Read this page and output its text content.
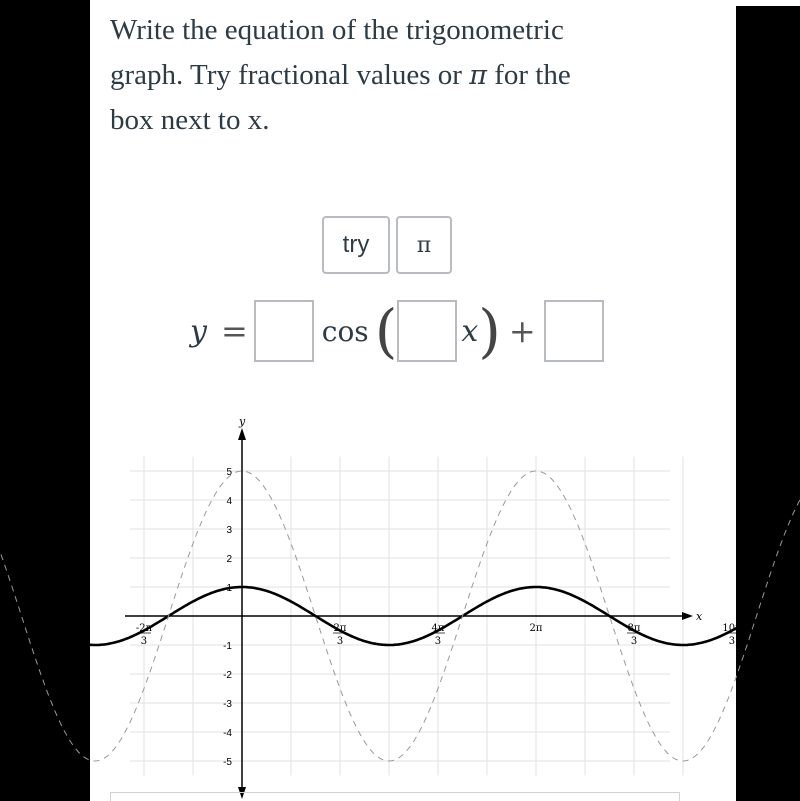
Write the equation of the trigonometric
graph. Try fractional values or π for the
box next to x.

try	π
y =	cos ( x ) +
x
y
5
4
3
2
1
-1
-2
-3
-4
-5
-4π
3
-2π
3
2π
3
4π
3
2π	8π
3
10π
3
